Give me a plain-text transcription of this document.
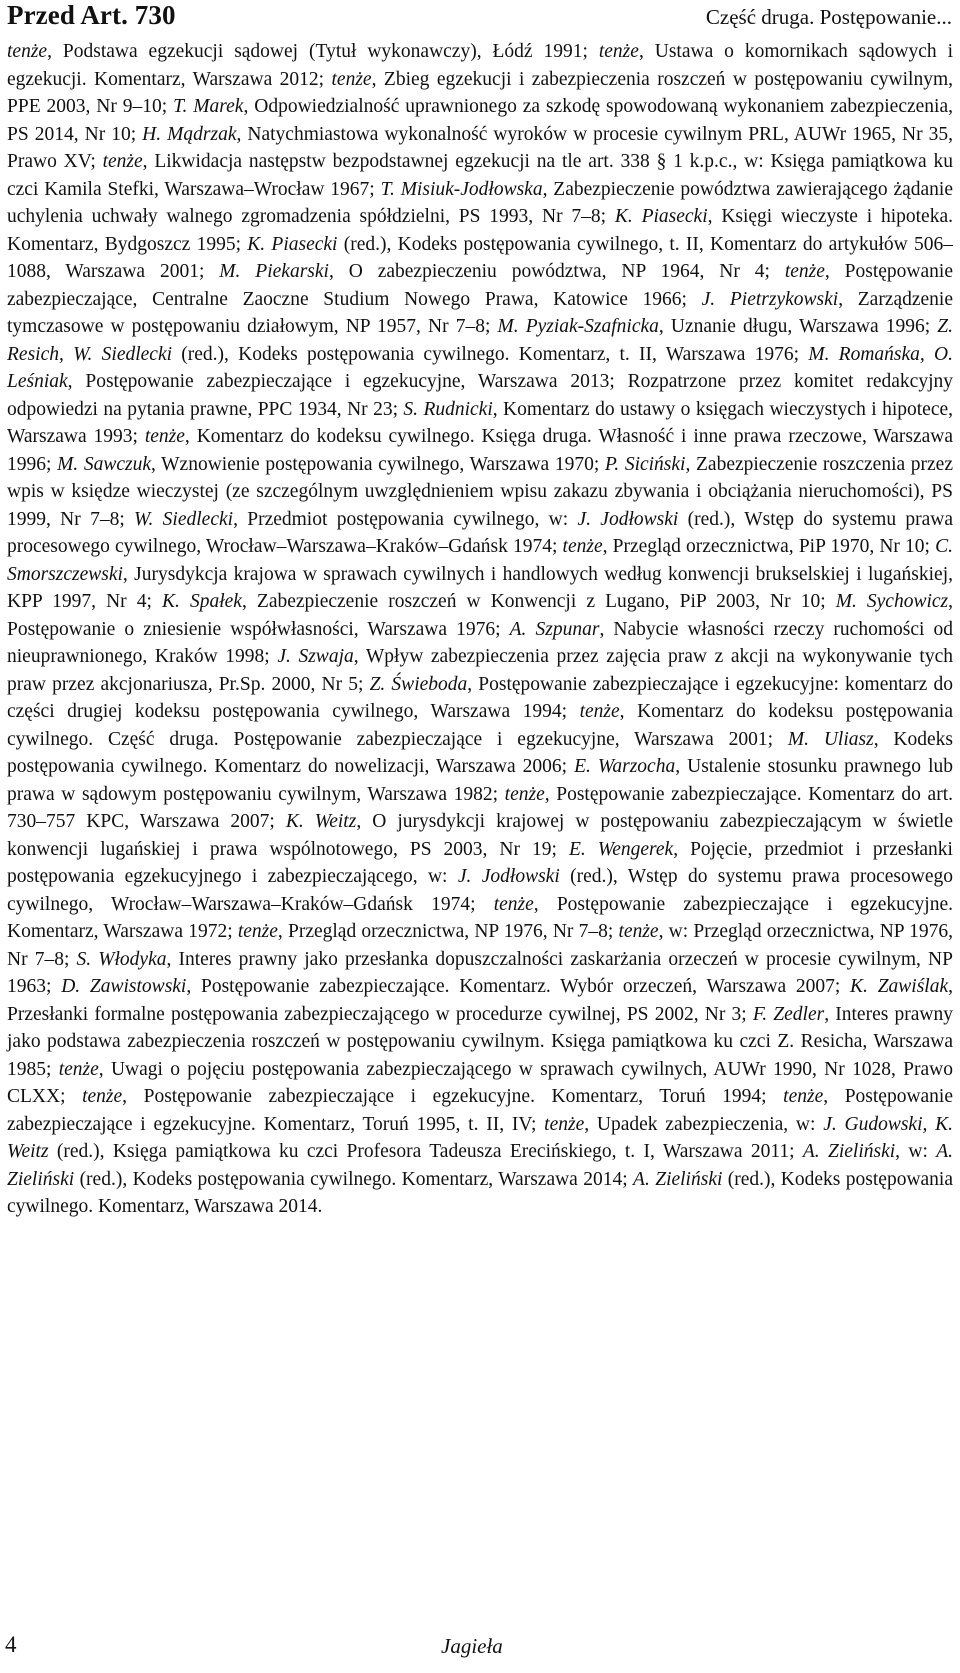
Przed Art. 730	Część druga. Postępowanie...

tenże, Podstawa egzekucji sądowej (Tytuł wykonawczy), Łódź 1991; tenże, Ustawa o komornikach sądowych i egzekucji. Komentarz, Warszawa 2012; tenże, Zbieg egzekucji i zabezpieczenia roszczeń w postępowaniu cywilnym, PPE 2003, Nr 9–10; T. Marek, Odpowiedzialność uprawnionego za szkodę spowodowaną wykonaniem zabezpieczenia, PS 2014, Nr 10; H. Mądrzak, Natychmiastowa wykonalność wyroków w procesie cywilnym PRL, AUWr 1965, Nr 35, Prawo XV; tenże, Likwidacja następstw bezpodstawnej egzekucji na tle art. 338 § 1 k.p.c., w: Księga pamiątkowa ku czci Kamila Stefki, Warszawa–Wrocław 1967; T. Misiuk-Jodłowska, Zabezpieczenie powództwa zawierającego żądanie uchylenia uchwały walnego zgromadzenia spółdzielni, PS 1993, Nr 7–8; K. Piasecki, Księgi wieczyste i hipoteka. Komentarz, Bydgoszcz 1995; K. Piasecki (red.), Kodeks postępowania cywilnego, t. II, Komentarz do artykułów 506–1088, Warszawa 2001; M. Piekarski, O zabezpieczeniu powództwa, NP 1964, Nr 4; tenże, Postępowanie zabezpieczające, Centralne Zaoczne Studium Nowego Prawa, Katowice 1966; J. Pietrzykowski, Zarządzenie tymczasowe w postępowaniu działowym, NP 1957, Nr 7–8; M. Pyziak-Szafnicka, Uznanie długu, Warszawa 1996; Z. Resich, W. Siedlecki (red.), Kodeks postępowania cywilnego. Komentarz, t. II, Warszawa 1976; M. Romańska, O. Leśniak, Postępowanie zabezpieczające i egzekucyjne, Warszawa 2013; Rozpatrzone przez komitet redakcyjny odpowiedzi na pytania prawne, PPC 1934, Nr 23; S. Rudnicki, Komentarz do ustawy o księgach wieczystych i hipotece, Warszawa 1993; tenże, Komentarz do kodeksu cywilnego. Księga druga. Własność i inne prawa rzeczowe, Warszawa 1996; M. Sawczuk, Wznowienie postępowania cywilnego, Warszawa 1970; P. Siciński, Zabezpieczenie roszczenia przez wpis w księdze wieczystej (ze szczególnym uwzględnieniem wpisu zakazu zbywania i obciążania nieruchomości), PS 1999, Nr 7–8; W. Siedlecki, Przedmiot postępowania cywilnego, w: J. Jodłowski (red.), Wstęp do systemu prawa procesowego cywilnego, Wrocław–Warszawa–Kraków–Gdańsk 1974; tenże, Przegląd orzecznictwa, PiP 1970, Nr 10; C. Smorszczewski, Jurysdykcja krajowa w sprawach cywilnych i handlowych według konwencji brukselskiej i lugańskiej, KPP 1997, Nr 4; K. Spałek, Zabezpieczenie roszczeń w Konwencji z Lugano, PiP 2003, Nr 10; M. Sychowicz, Postępowanie o zniesienie współwłasności, Warszawa 1976; A. Szpunar, Nabycie własności rzeczy ruchomości od nieuprawnionego, Kraków 1998; J. Szwaja, Wpływ zabezpieczenia przez zajęcia praw z akcji na wykonywanie tych praw przez akcjonariusza, Pr.Sp. 2000, Nr 5; Z. Świeboda, Postępowanie zabezpieczające i egzekucyjne: komentarz do części drugiej kodeksu postępowania cywilnego, Warszawa 1994; tenże, Komentarz do kodeksu postępowania cywilnego. Część druga. Postępowanie zabezpieczające i egzekucyjne, Warszawa 2001; M. Uliasz, Kodeks postępowania cywilnego. Komentarz do nowelizacji, Warszawa 2006; E. Warzocha, Ustalenie stosunku prawnego lub prawa w sądowym postępowaniu cywilnym, Warszawa 1982; tenże, Postępowanie zabezpieczające. Komentarz do art. 730–757 KPC, Warszawa 2007; K. Weitz, O jurysdykcji krajowej w postępowaniu zabezpieczającym w świetle konwencji lugańskiej i prawa wspólnotowego, PS 2003, Nr 19; E. Wengerek, Pojęcie, przedmiot i przesłanki postępowania egzekucyjnego i zabezpieczającego, w: J. Jodłowski (red.), Wstęp do systemu prawa procesowego cywilnego, Wrocław–Warszawa–Kraków–Gdańsk 1974; tenże, Postępowanie zabezpieczające i egzekucyjne. Komentarz, Warszawa 1972; tenże, Przegląd orzecznictwa, NP 1976, Nr 7–8; tenże, w: Przegląd orzecznictwa, NP 1976, Nr 7–8; S. Włodyka, Interes prawny jako przesłanka dopuszczalności zaskarżania orzeczeń w procesie cywilnym, NP 1963; D. Zawistowski, Postępowanie zabezpieczające. Komentarz. Wybór orzeczeń, Warszawa 2007; K. Zawiślak, Przesłanki formalne postępowania zabezpieczającego w procedurze cywilnej, PS 2002, Nr 3; F. Zedler, Interes prawny jako podstawa zabezpieczenia roszczeń w postępowaniu cywilnym. Księga pamiątkowa ku czci Z. Resicha, Warszawa 1985; tenże, Uwagi o pojęciu postępowania zabezpieczającego w sprawach cywilnych, AUWr 1990, Nr 1028, Prawo CLXX; tenże, Postępowanie zabezpieczające i egzekucyjne. Komentarz, Toruń 1994; tenże, Postępowanie zabezpieczające i egzekucyjne. Komentarz, Toruń 1995, t. II, IV; tenże, Upadek zabezpieczenia, w: J. Gudowski, K. Weitz (red.), Księga pamiątkowa ku czci Profesora Tadeusza Erecińskiego, t. I, Warszawa 2011; A. Zieliński, w: A. Zieliński (red.), Kodeks postępowania cywilnego. Komentarz, Warszawa 2014; A. Zieliński (red.), Kodeks postępowania cywilnego. Komentarz, Warszawa 2014.

4	Jagieła
